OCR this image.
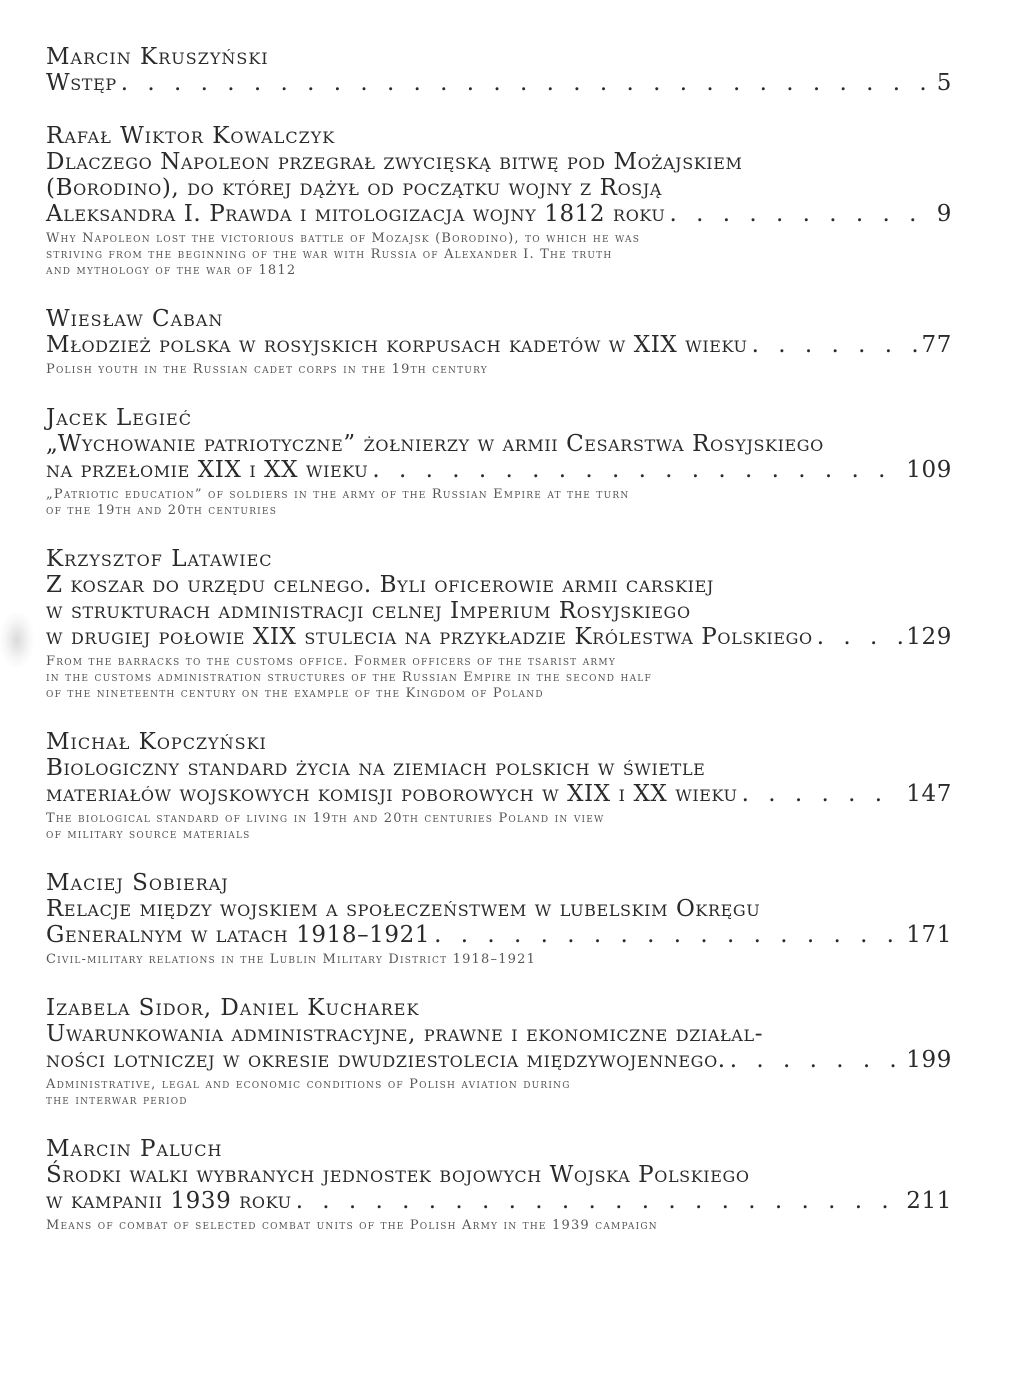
Marcin Kruszyński
Wstęp . . .	5
Rafał Wiktor Kowalczyk
Dlaczego Napoleon przegrał zwycięską bitwę pod Możajskiem
(Borodino), do której dążył od początku wojny z Rosją
Aleksandra I. Prawda i mitologizacja wojny 1812 roku . . .	9
Why Napoleon lost the victorious battle of Mozajsk (Borodino), to which he was
striving from the beginning of the war with Russia of Alexander I. The truth
and mythology of the war of 1812
Wiesław Caban
Młodzież polska w rosyjskich korpusach kadetów w XIX wieku . . .	77
Polish youth in the Russian cadet corps in the 19th century
Jacek Legieć
„Wychowanie patriotyczne” żołnierzy w armii Cesarstwa Rosyjskiego
na przełomie XIX i XX wieku . . .	109
„Patriotic education” of soldiers in the army of the Russian Empire at the turn
of the 19th and 20th centuries
Krzysztof Latawiec
Z koszar do urzędu celnego. Byli oficerowie armii carskiej
w strukturach administracji celnej Imperium Rosyjskiego
w drugiej połowie XIX stulecia na przykładzie Królestwa Polskiego . . .	129
From the barracks to the customs office. Former officers of the tsarist army
in the customs administration structures of the Russian Empire in the second half
of the nineteenth century on the example of the Kingdom of Poland
Michał Kopczyński
Biologiczny standard życia na ziemiach polskich w świetle
materiałów wojskowych komisji poborowych w XIX i XX wieku . . .	147
The biological standard of living in 19th and 20th centuries Poland in view
of military source materials
Maciej Sobieraj
Relacje między wojskiem a społeczeństwem w lubelskim Okręgu
Generalnym w latach 1918–1921 . . .	171
Civil-military relations in the Lublin Military District 1918–1921
Izabela Sidor, Daniel Kucharek
Uwarunkowania administracyjne, prawne i ekonomiczne działal-
ności lotniczej w okresie dwudziestolecia międzywojennego. . . .	199
Administrative, legal and economic conditions of Polish aviation during
the interwar period
Marcin Paluch
Środki walki wybranych jednostek bojowych Wojska Polskiego
w kampanii 1939 roku . . .	211
Means of combat of selected combat units of the Polish Army in the 1939 campaign
